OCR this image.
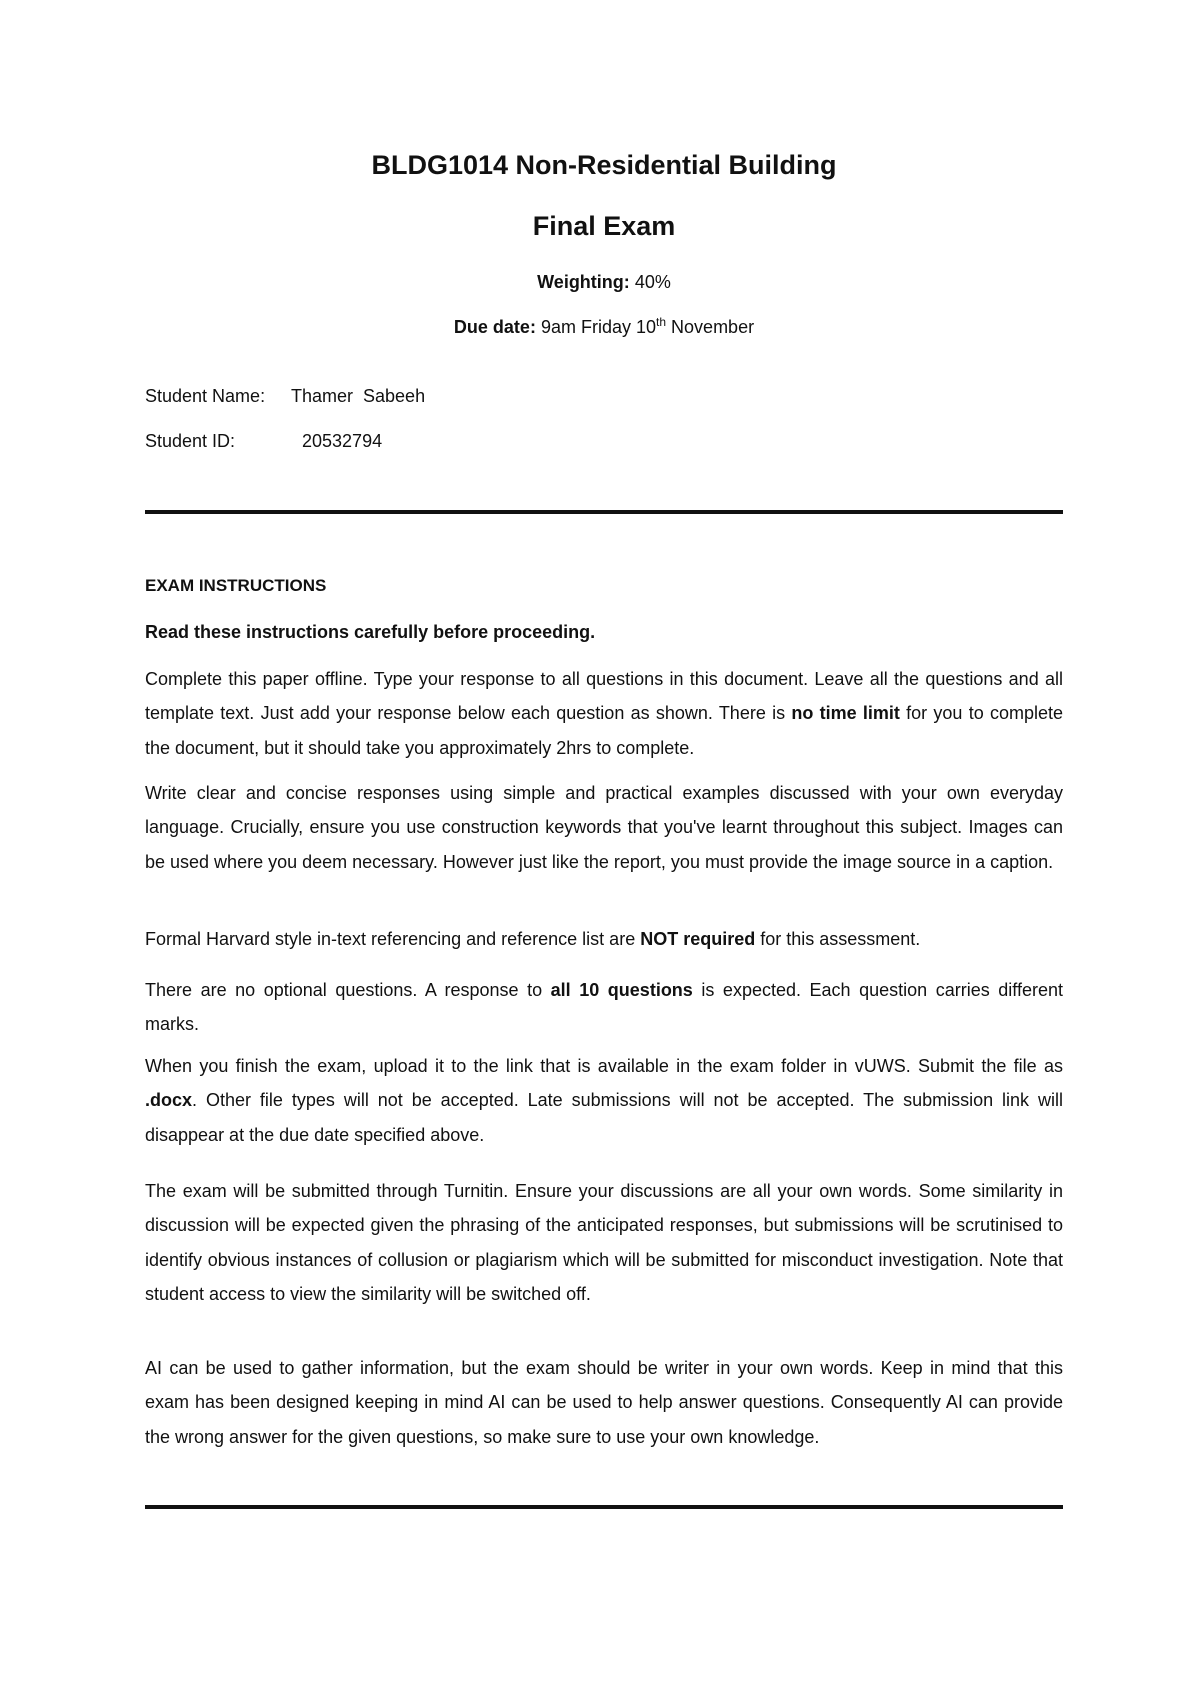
BLDG1014 Non-Residential Building
Final Exam
Weighting: 40%
Due date: 9am Friday 10th November
Student Name: Thamer  Sabeeh
Student ID:	20532794
EXAM INSTRUCTIONS
Read these instructions carefully before proceeding.
Complete this paper offline. Type your response to all questions in this document. Leave all the questions and all template text. Just add your response below each question as shown. There is no time limit for you to complete the document, but it should take you approximately 2hrs to complete.
Write clear and concise responses using simple and practical examples discussed with your own everyday language. Crucially, ensure you use construction keywords that you've learnt throughout this subject. Images can be used where you deem necessary. However just like the report, you must provide the image source in a caption.
Formal Harvard style in-text referencing and reference list are NOT required for this assessment.
There are no optional questions. A response to all 10 questions is expected. Each question carries different marks.
When you finish the exam, upload it to the link that is available in the exam folder in vUWS. Submit the file as .docx. Other file types will not be accepted. Late submissions will not be accepted. The submission link will disappear at the due date specified above.
The exam will be submitted through Turnitin. Ensure your discussions are all your own words. Some similarity in discussion will be expected given the phrasing of the anticipated responses, but submissions will be scrutinised to identify obvious instances of collusion or plagiarism which will be submitted for misconduct investigation. Note that student access to view the similarity will be switched off.
AI can be used to gather information, but the exam should be writer in your own words. Keep in mind that this exam has been designed keeping in mind AI can be used to help answer questions. Consequently AI can provide the wrong answer for the given questions, so make sure to use your own knowledge.
